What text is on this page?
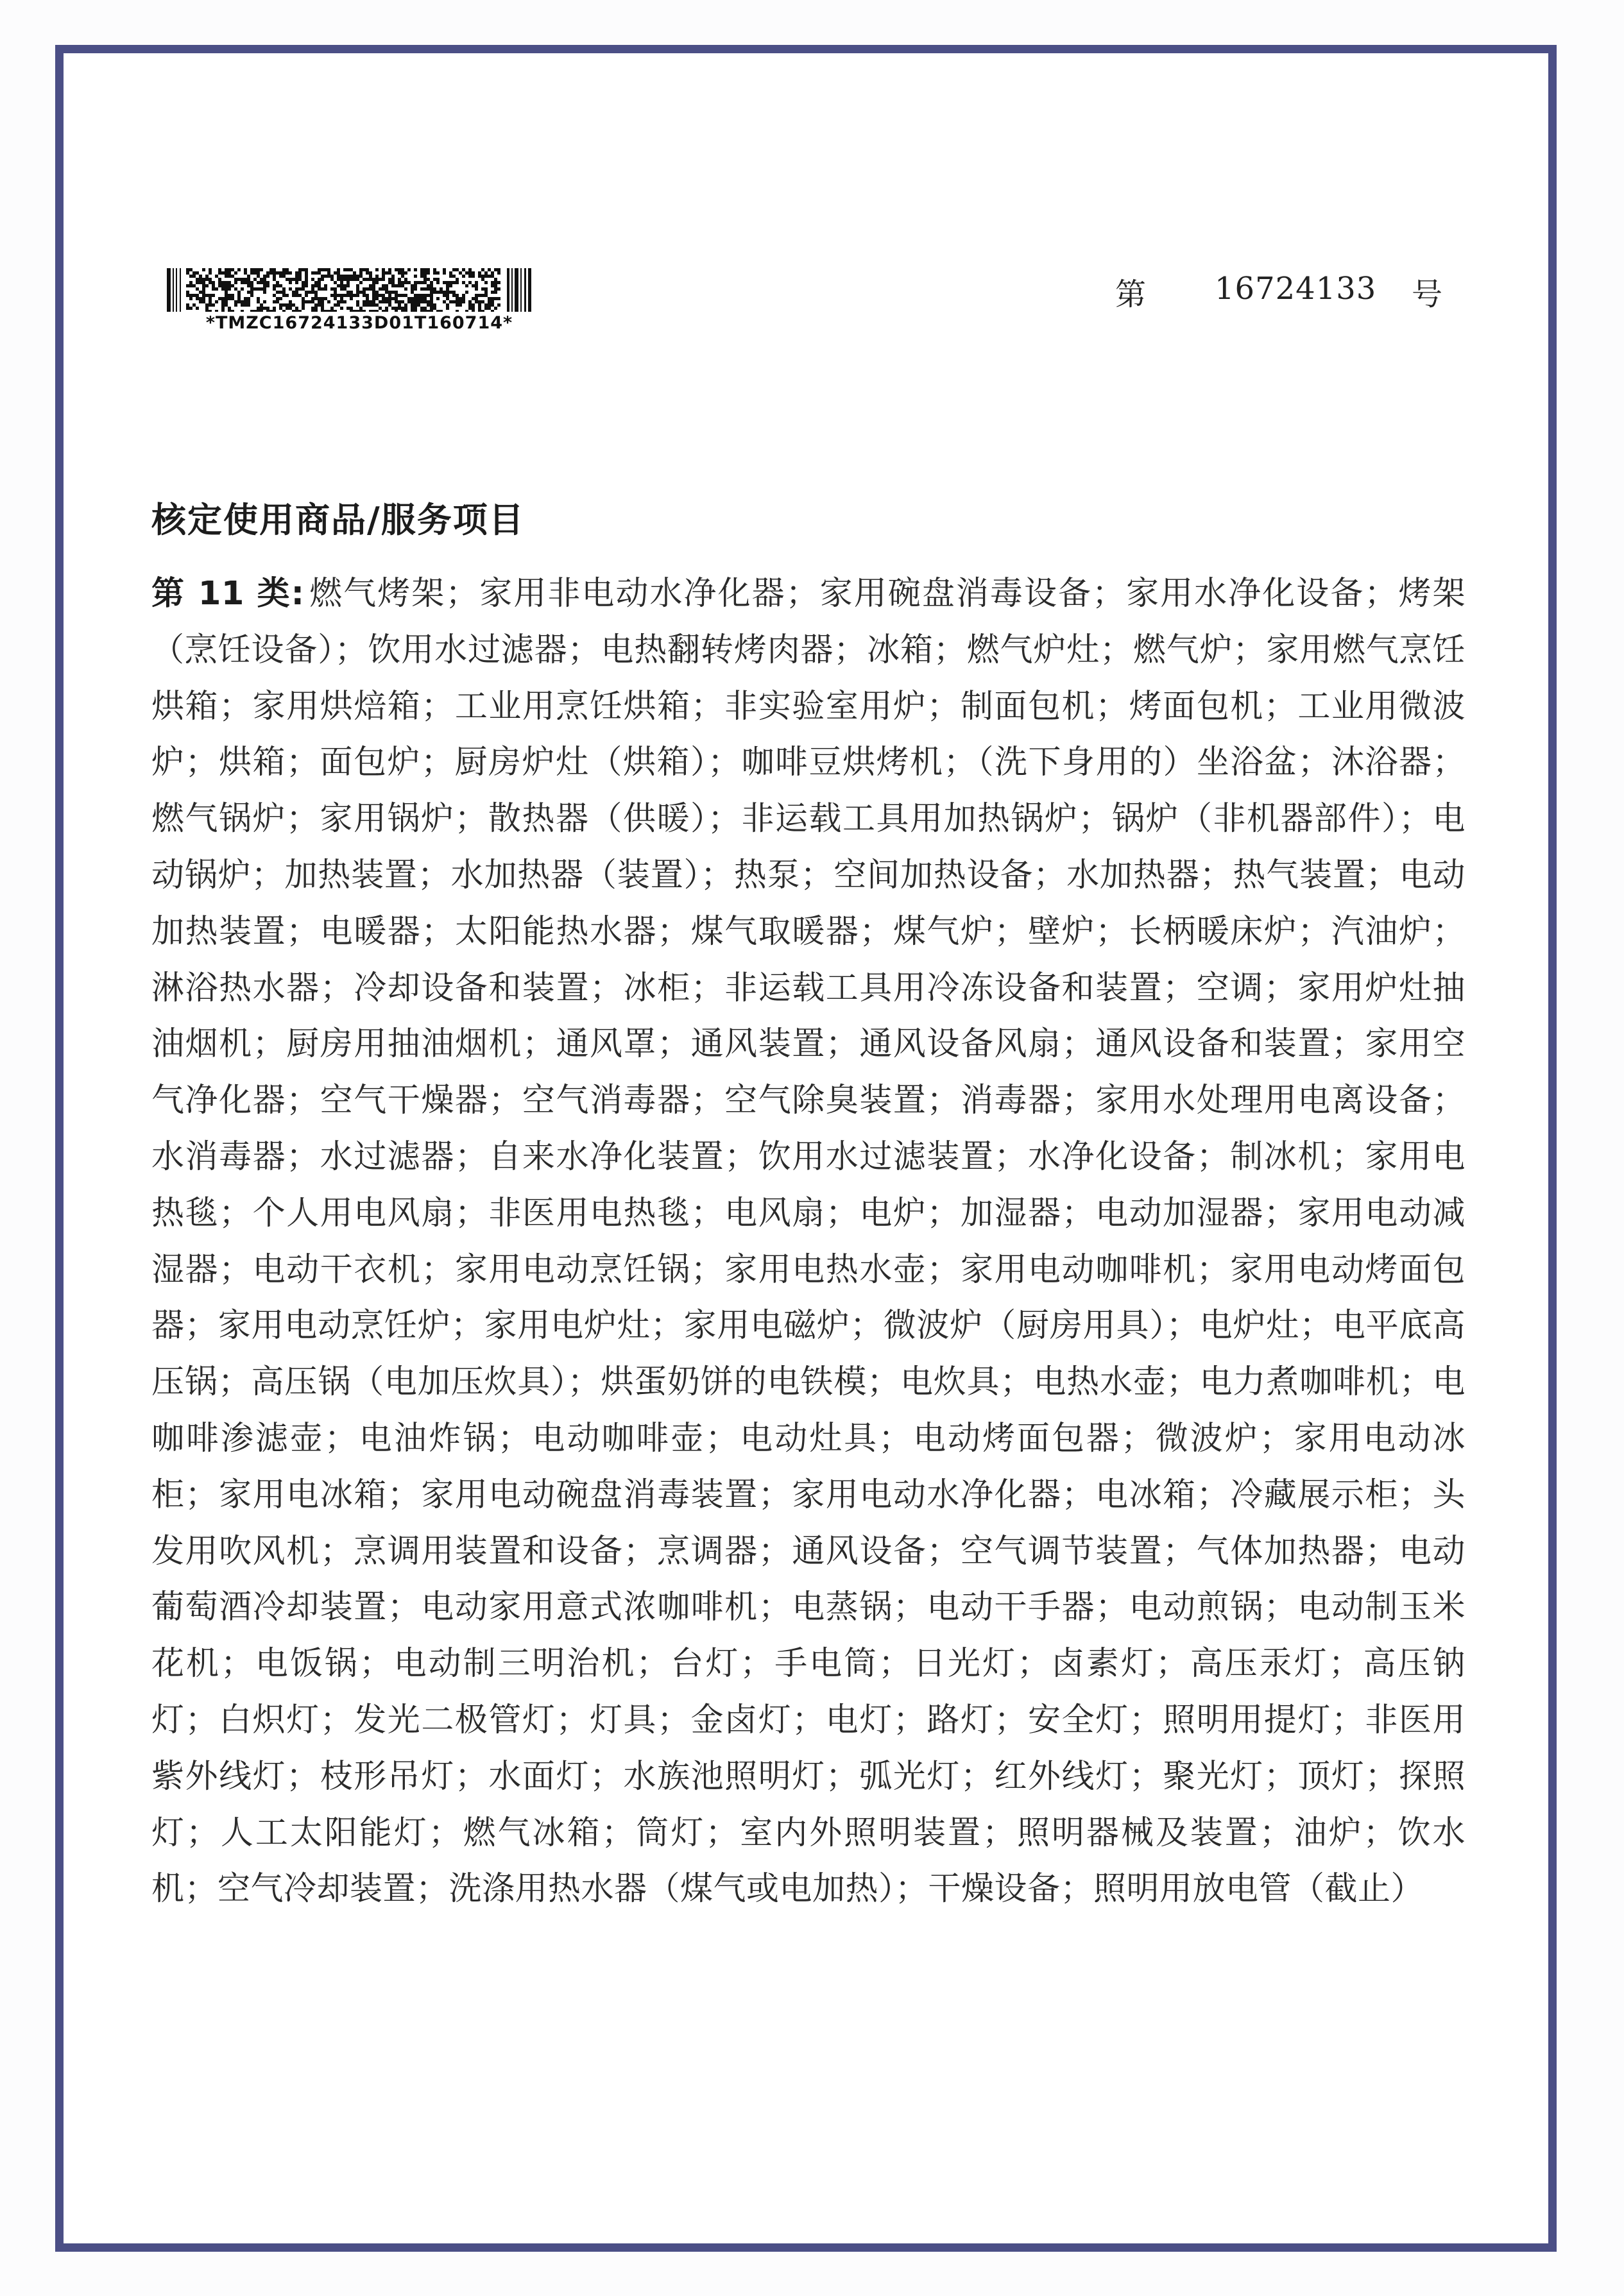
*TMZC16724133D01T160714*
第 16724133 号
核定使用商品/服务项目
第 11 类: 燃气烤架；家用非电动水净化器；家用碗盘消毒设备；家用水净化设备；烤架（烹饪设备）；饮用水过滤器；电热翻转烤肉器；冰箱；燃气炉灶；燃气炉；家用燃气烹饪烘箱；家用烘焙箱；工业用烹饪烘箱；非实验室用炉；制面包机；烤面包机；工业用微波炉；烘箱；面包炉；厨房炉灶（烘箱）；咖啡豆烘烤机；（洗下身用的）坐浴盆；沐浴器；燃气锅炉；家用锅炉；散热器（供暖）；非运载工具用加热锅炉；锅炉（非机器部件）；电动锅炉；加热装置；水加热器（装置）；热泵；空间加热设备；水加热器；热气装置；电动加热装置；电暖器；太阳能热水器；煤气取暖器；煤气炉；壁炉；长柄暖床炉；汽油炉；淋浴热水器；冷却设备和装置；冰柜；非运载工具用冷冻设备和装置；空调；家用炉灶抽油烟机；厨房用抽油烟机；通风罩；通风装置；通风设备风扇；通风设备和装置；家用空气净化器；空气干燥器；空气消毒器；空气除臭装置；消毒器；家用水处理用电离设备；水消毒器；水过滤器；自来水净化装置；饮用水过滤装置；水净化设备；制冰机；家用电热毯；个人用电风扇；非医用电热毯；电风扇；电炉；加湿器；电动加湿器；家用电动减湿器；电动干衣机；家用电动烹饪锅；家用电热水壶；家用电动咖啡机；家用电动烤面包器；家用电动烹饪炉；家用电炉灶；家用电磁炉；微波炉（厨房用具）；电炉灶；电平底高压锅；高压锅（电加压炊具）；烘蛋奶饼的电铁模；电炊具；电热水壶；电力煮咖啡机；电咖啡渗滤壶；电油炸锅；电动咖啡壶；电动灶具；电动烤面包器；微波炉；家用电动冰柜；家用电冰箱；家用电动碗盘消毒装置；家用电动水净化器；电冰箱；冷藏展示柜；头发用吹风机；烹调用装置和设备；烹调器；通风设备；空气调节装置；气体加热器；电动葡萄酒冷却装置；电动家用意式浓咖啡机；电蒸锅；电动干手器；电动煎锅；电动制玉米花机；电饭锅；电动制三明治机；台灯；手电筒；日光灯；卤素灯；高压汞灯；高压钠灯；白炽灯；发光二极管灯；灯具；金卤灯；电灯；路灯；安全灯；照明用提灯；非医用紫外线灯；枝形吊灯；水面灯；水族池照明灯；弧光灯；红外线灯；聚光灯；顶灯；探照灯；人工太阳能灯；燃气冰箱；筒灯；室内外照明装置；照明器械及装置；油炉；饮水机；空气冷却装置；洗涤用热水器（煤气或电加热）；干燥设备；照明用放电管（截止）
